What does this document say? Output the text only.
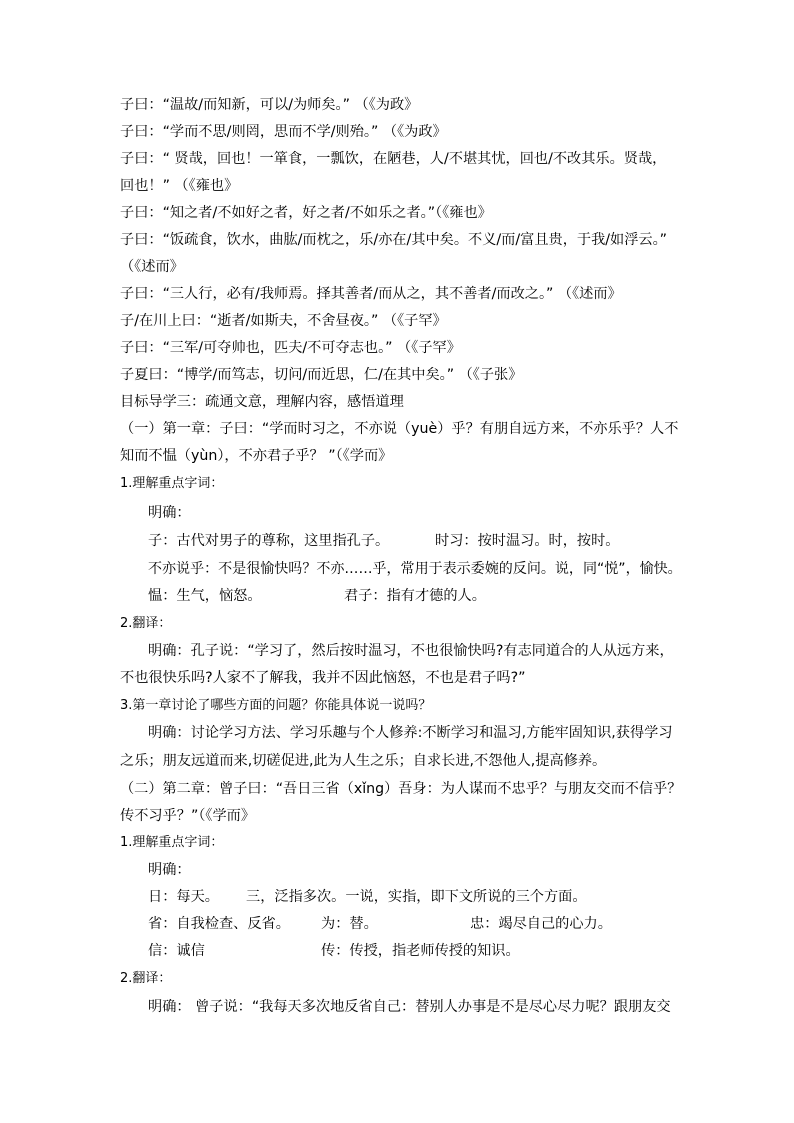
子曰：“温故/而知新，可以/为师矣。” （《为政》
子曰：“学而不思/则罔，思而不学/则殆。” （《为政》
子曰：“ 贤哉，回也！一箪食，一瓢饮，在陋巷，人/不堪其忧，回也/不改其乐。贤哉，
回也！” （《雍也》
子曰：“知之者/不如好之者，好之者/不如乐之者。”（《雍也》
子曰：“饭疏食，饮水，曲肱/而枕之，乐/亦在/其中矣。不义/而/富且贵，于我/如浮云。”
（《述而》
子曰：“三人行，必有/我师焉。择其善者/而从之，其不善者/而改之。” （《述而》
子/在川上曰：“逝者/如斯夫，不舍昼夜。” （《子罕》
子曰：“三军/可夺帅也，匹夫/不可夺志也。” （《子罕》
子夏曰：“博学/而笃志，切问/而近思，仁/在其中矣。” （《子张》
目标导学三：疏通文意，理解内容，感悟道理
（一）第一章：子曰：“学而时习之，不亦说（yuè）乎？有朋自远方来，不亦乐乎？人不
知而不愠（yùn），不亦君子乎？ ”（《学而》
1.理解重点字词：
明确：
子：古代对男子的尊称，这里指孔子。	时习：按时温习。时，按时。
不亦说乎：不是很愉快吗？不亦……乎，常用于表示委婉的反问。说，同“悦”，愉快。
愠：生气，恼怒。	君子：指有才德的人。
2.翻译：
明确：孔子说：“学习了，然后按时温习，不也很愉快吗?有志同道合的人从远方来，
不也很快乐吗?人家不了解我，我并不因此恼怒，不也是君子吗?”
3.第一章讨论了哪些方面的问题？你能具体说一说吗？
明确：讨论学习方法、学习乐趣与个人修养:不断学习和温习,方能牢固知识,获得学习
之乐；朋友远道而来,切磋促进,此为人生之乐；自求长进,不怨他人,提高修养。
（二）第二章：曾子曰：“吾日三省（xǐng）吾身：为人谋而不忠乎？与朋友交而不信乎？
传不习乎？”（《学而》
1.理解重点字词：
明确：
日：每天。 三，泛指多次。一说，实指，即下文所说的三个方面。
省：自我检查、反省。 为：替。	忠：竭尽自己的心力。
信：诚信	传：传授，指老师传授的知识。
2.翻译：
明确： 曾子说：“我每天多次地反省自己：替别人办事是不是尽心尽力呢？跟朋友交
